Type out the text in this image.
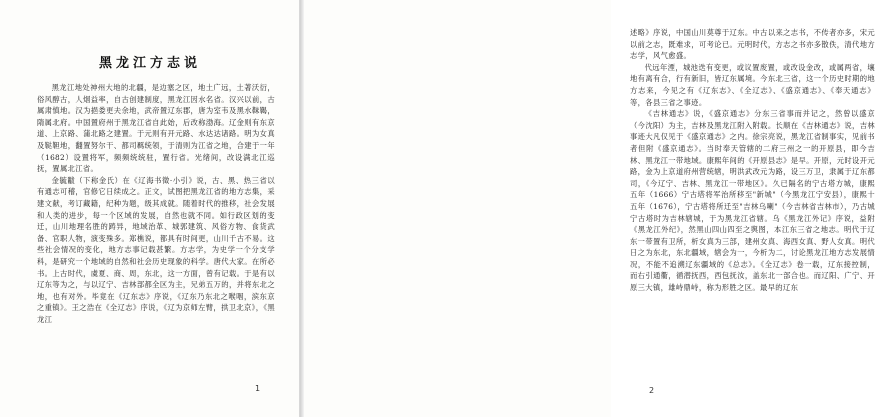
黑龙江方志说

黑龙江地处神州大地的北疆，是边塞之区，地土广远，土著沃衍，俗风醇古，人烟益率，自古创建制度，黑龙江因水名省。汉兴以前，古属肃慎地。汉为挹娄更夫余地，武帝置辽东郡，唐为室韦及黑水靺鞨，隋属北府。中国置府州于黑龙江省自此始，后改称渤海。辽金则有东京道、上京路、蒲北路之建置。于元则有开元路、水达达诸路。明为女真及鞑靼地，翻置努尔干、都司羁统领，于清则为江省之地，合建于一年（1682）设置将军，频频统统驻，置行省。光绪间，改设满北江巡抚，置属北江省。

金毓黻（下称金氏）在《辽海书徵·小引》说，古、黑、热三省以有通志可稽，官修它日续成之。正文，试图把黑龙江省的地方志集，采建文献，考订藏籍，纪种为题，级其成就。随着时代的推移，社会发展和人类的进步，每一个区域的发展，自然也就不同。如行政区划的变迁，山川地理名胜的踌异，地域治革、城郭建筑、风俗方物、食货武备、官职人物，演变殊多。郑樵说，都具有时间更，山川千古不易。这些社会情况的变化，地方志事记载甚繁。方志学，为史学一个分支学科，是研究一个地域的自然和社会历史现象的科学。唐代大家。在所必书。上古时代，虞夏、商、周，东北，这一方面，曾有记载。于是有以辽东等为之，与以辽宁、吉林部都全区为主，兄弟五万的，并将东北之地，也有对外。毕竟在《辽东志》序说，《辽东乃东北之喉咽，滨东京之重镇》。王之浩在《全辽志》序说，《辽为京师左臂，拱卫北京》，《黑龙江

1

述略》序说，中国山川莫尊于辽东。中古以来之志书，不传者亦多，宋元以前之志，既难求，可考论已。元明时代，方志之书亦多散佚，清代地方志学，风气愈盛。

代远年湮，城池迭有变更，或议置废置，或改设金改，或属两省，壤地有离有合，行有新旧，皆辽东属境。今东北三省，这一个历史时期的地方志来，今见之有《辽东志》、《全辽志》、《盛京通志》、《奉天通志》等，各县三省之事迹。

《吉林通志》说，《盛京通志》分东三省事而并记之，然曾以盛京（今沈阳）为主，吉林及黑龙江附入附载。长顺在《吉林通志》说，吉林事迹大凡仅见于《盛京通志》之内。徐宗亮说，黑龙江省制事实，见前书者但附《盛京通志》。当时奉天管辖的二府三州之一的开原县，即今吉林、黑龙江一带地域。康熙年间的《开原县志》是早。开原，元时设开元路，金为上京道府州营统辖，明洪武改元为路，设三万卫，隶属于辽东都司，《今辽宁、吉林、黑龙江一带地区》。久已隔名的宁古塔方城，康熙五年（1666）宁古塔将军治所移至"新城"（今黑龙江宁安县），康熙十五年（1676），宁古塔将所迁至"吉林乌喇"（今吉林省吉林市），乃古城宁古塔时为吉林辖城，于为黑龙江省辖。乌《黑龙江外记》序说，益附《黑龙江外纪》，然黑山四山四至之舆图，本江东三省之地志。明代于辽东一带置有卫所，析女真为三部，建州女真、海西女真、野人女真。明代日之为东北，东北疆域，辖会为一，今析为二，讨论黑龙江地方志发展情况，不能不追溯辽东疆域的《总志》。《全辽志》卷一载，辽东接控制，而右引通衢，循潜抚西，西包抚汝，盖东北一部合也。而辽阳、广宁、开原三大镇，雄峙鼎峙，称为形胜之区。最早的辽东

2
